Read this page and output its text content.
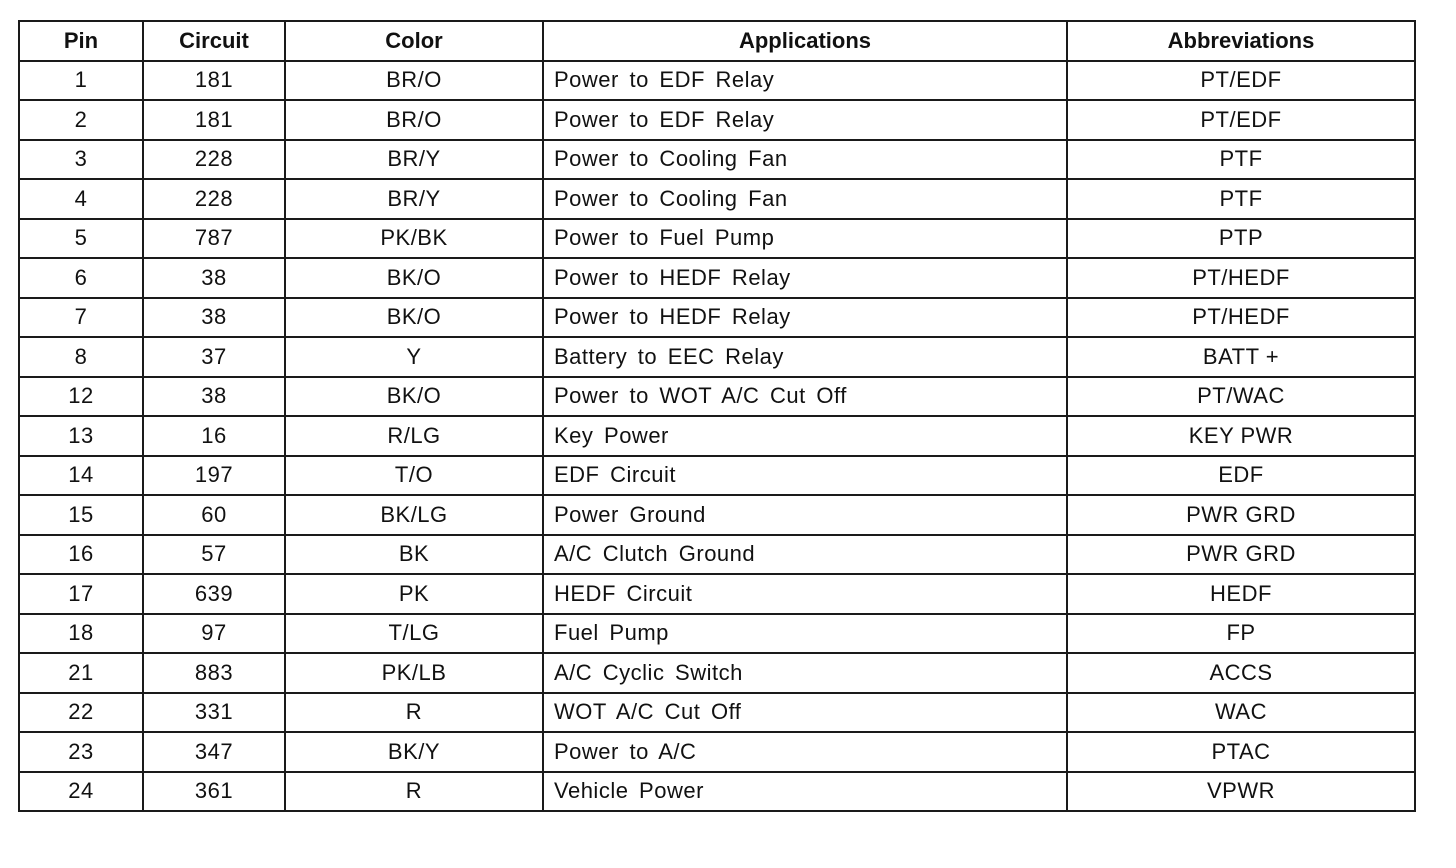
Pin	Circuit	Color	Applications	Abbreviations
1	181	BR/O	Power to EDF Relay	PT/EDF
2	181	BR/O	Power to EDF Relay	PT/EDF
3	228	BR/Y	Power to Cooling Fan	PTF
4	228	BR/Y	Power to Cooling Fan	PTF
5	787	PK/BK	Power to Fuel Pump	PTP
6	38	BK/O	Power to HEDF Relay	PT/HEDF
7	38	BK/O	Power to HEDF Relay	PT/HEDF
8	37	Y	Battery to EEC Relay	BATT +
12	38	BK/O	Power to WOT A/C Cut Off	PT/WAC
13	16	R/LG	Key Power	KEY PWR
14	197	T/O	EDF Circuit	EDF
15	60	BK/LG	Power Ground	PWR GRD
16	57	BK	A/C Clutch Ground	PWR GRD
17	639	PK	HEDF Circuit	HEDF
18	97	T/LG	Fuel Pump	FP
21	883	PK/LB	A/C Cyclic Switch	ACCS
22	331	R	WOT A/C Cut Off	WAC
23	347	BK/Y	Power to A/C	PTAC
24	361	R	Vehicle Power	VPWR
